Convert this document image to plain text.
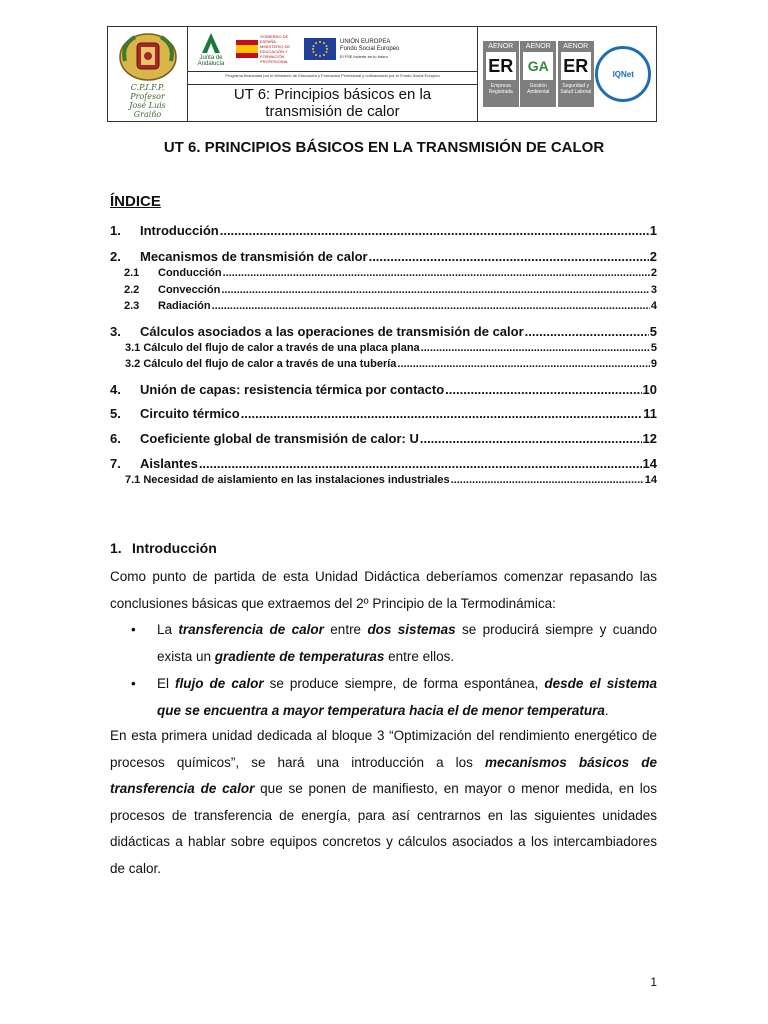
C.P.I.F.P.
Profesor
José Luis
Graiño
Junta de Andalucía
GOBIERNO DE ESPAÑA · MINISTERIO DE EDUCACIÓN Y FORMACIÓN PROFESIONAL
UNIÓN EUROPEA
Fondo Social Europeo
El FSE invierte en tu futuro
Programa financiado por el Ministerio de Educación y Formación Profesional y cofinanciado por el Fondo Social Europeo
UT 6: Principios básicos en la transmisión de calor
AENOR
ER
Empresa Registrada
AENOR
GA
Gestión Ambiental
AENOR
ER
Seguridad y Salud Laboral
IQNet
UT 6. PRINCIPIOS BÁSICOS EN LA TRANSMISIÓN DE CALOR
ÍNDICE
1.	Introducción .....	1
2.	Mecanismos de transmisión de calor .....	2
2.1	Conducción .....	2
2.2	Convección .....	3
2.3	Radiación .....	4
3.	Cálculos asociados a las operaciones de transmisión de calor .....	5
3.1 Cálculo del flujo de calor a través de una placa plana .....	5
3.2 Cálculo del flujo de calor a través de una tubería .....	9
4.	Unión de capas: resistencia térmica por contacto .....	10
5.	Circuito térmico .....	11
6.	Coeficiente global de transmisión de calor: U .....	12
7.	Aislantes .....	14
7.1 Necesidad de aislamiento en las instalaciones industriales .....	14
1. Introducción
Como punto de partida de esta Unidad Didáctica deberíamos comenzar repasando las conclusiones básicas que extraemos del 2º Principio de la Termodinámica:
• La transferencia de calor entre dos sistemas se producirá siempre y cuando exista un gradiente de temperaturas entre ellos.
• El flujo de calor se produce siempre, de forma espontánea, desde el sistema que se encuentra a mayor temperatura hacia el de menor temperatura.
En esta primera unidad dedicada al bloque 3 “Optimización del rendimiento energético de procesos químicos”, se hará una introducción a los mecanismos básicos de transferencia de calor que se ponen de manifiesto, en mayor o menor medida, en los procesos de transferencia de energía, para así centrarnos en las siguientes unidades didácticas a hablar sobre equipos concretos y cálculos asociados a los intercambiadores de calor.
1
